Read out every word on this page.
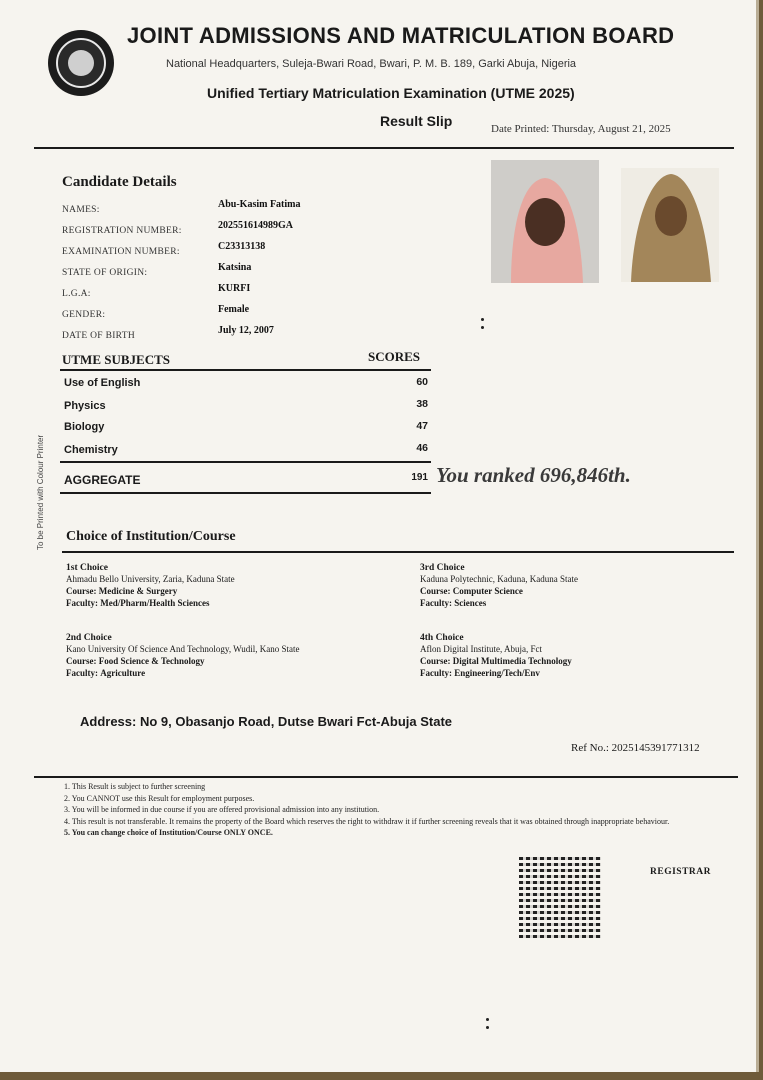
JOINT ADMISSIONS AND MATRICULATION BOARD
National Headquarters, Suleja-Bwari Road, Bwari, P. M. B. 189, Garki Abuja, Nigeria
Unified Tertiary Matriculation Examination (UTME 2025)
Result Slip	Date Printed: Thursday, August 21, 2025
Candidate Details
NAMES:	Abu-Kasim Fatima
REGISTRATION NUMBER:	202551614989GA
EXAMINATION NUMBER:	C23313138
STATE OF ORIGIN:	Katsina
L.G.A:	KURFI
GENDER:	Female
DATE OF BIRTH	July 12, 2007
UTME SUBJECTS	SCORES
Use of English	60
Physics	38
Biology	47
Chemistry	46
AGGREGATE	191 You ranked 696,846th.
To be Printed with Colour Printer Choice of Institution/Course
1st Choice
Ahmadu Bello University, Zaria, Kaduna State
Course: Medicine & Surgery
Faculty: Med/Pharm/Health Sciences
2nd Choice
Kano University Of Science And Technology, Wudil, Kano State
Course: Food Science & Technology
Faculty: Agriculture
3rd Choice
Kaduna Polytechnic, Kaduna, Kaduna State
Course: Computer Science
Faculty: Sciences
4th Choice
Aflon Digital Institute, Abuja, Fct
Course: Digital Multimedia Technology
Faculty: Engineering/Tech/Env
Address: No 9, Obasanjo Road, Dutse Bwari Fct-Abuja State
Ref No.: 2025145391771312
1. This Result is subject to further screening
2. You CANNOT use this Result for employment purposes.
3. You will be informed in due course if you are offered provisional admission into any institution.
4. This result is not transferable. It remains the property of the Board which reserves the right to withdraw it if further screening reveals that it was obtained through inappropriate behaviour.
5. You can change choice of Institution/Course ONLY ONCE.
REGISTRAR
